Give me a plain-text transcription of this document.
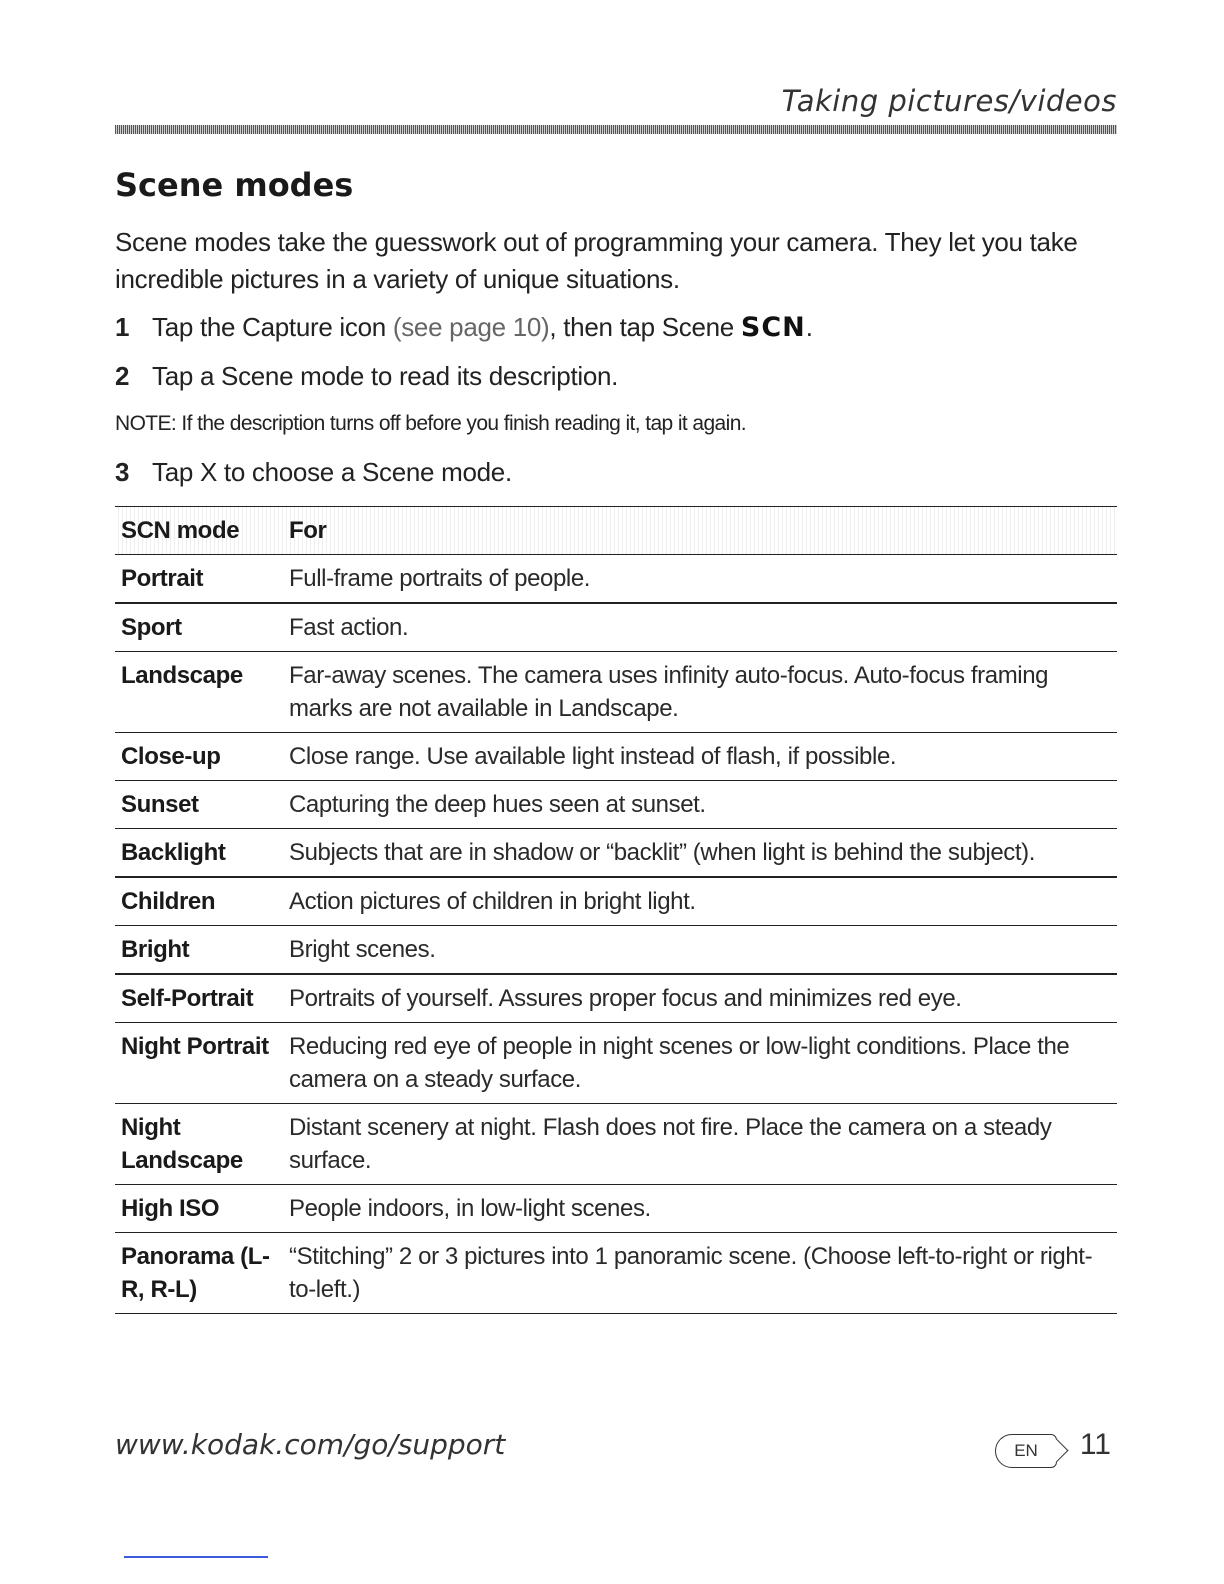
Taking pictures/videos
Scene modes

Scene modes take the guesswork out of programming your camera. They let you take incredible pictures in a variety of unique situations.

1 Tap the Capture icon (see page 10), then tap Scene SCN.
2 Tap a Scene mode to read its description.
NOTE: If the description turns off before you finish reading it, tap it again.
3 Tap X to choose a Scene mode.
SCN mode	For
Portrait	Full-frame portraits of people.
Sport	Fast action.
Landscape	Far-away scenes. The camera uses infinity auto-focus. Auto-focus framing marks are not available in Landscape.
Close-up	Close range. Use available light instead of flash, if possible.
Sunset	Capturing the deep hues seen at sunset.
Backlight	Subjects that are in shadow or “backlit” (when light is behind the subject).
Children	Action pictures of children in bright light.
Bright	Bright scenes.
Self-Portrait	Portraits of yourself. Assures proper focus and minimizes red eye.
Night Portrait	Reducing red eye of people in night scenes or low-light conditions. Place the camera on a steady surface.
Night Landscape	Distant scenery at night. Flash does not fire. Place the camera on a steady surface.
High ISO	People indoors, in low-light scenes.
Panorama (L-R, R-L)	“Stitching” 2 or 3 pictures into 1 panoramic scene. (Choose left-to-right or right-to-left.)
www.kodak.com/go/support	EN 11
